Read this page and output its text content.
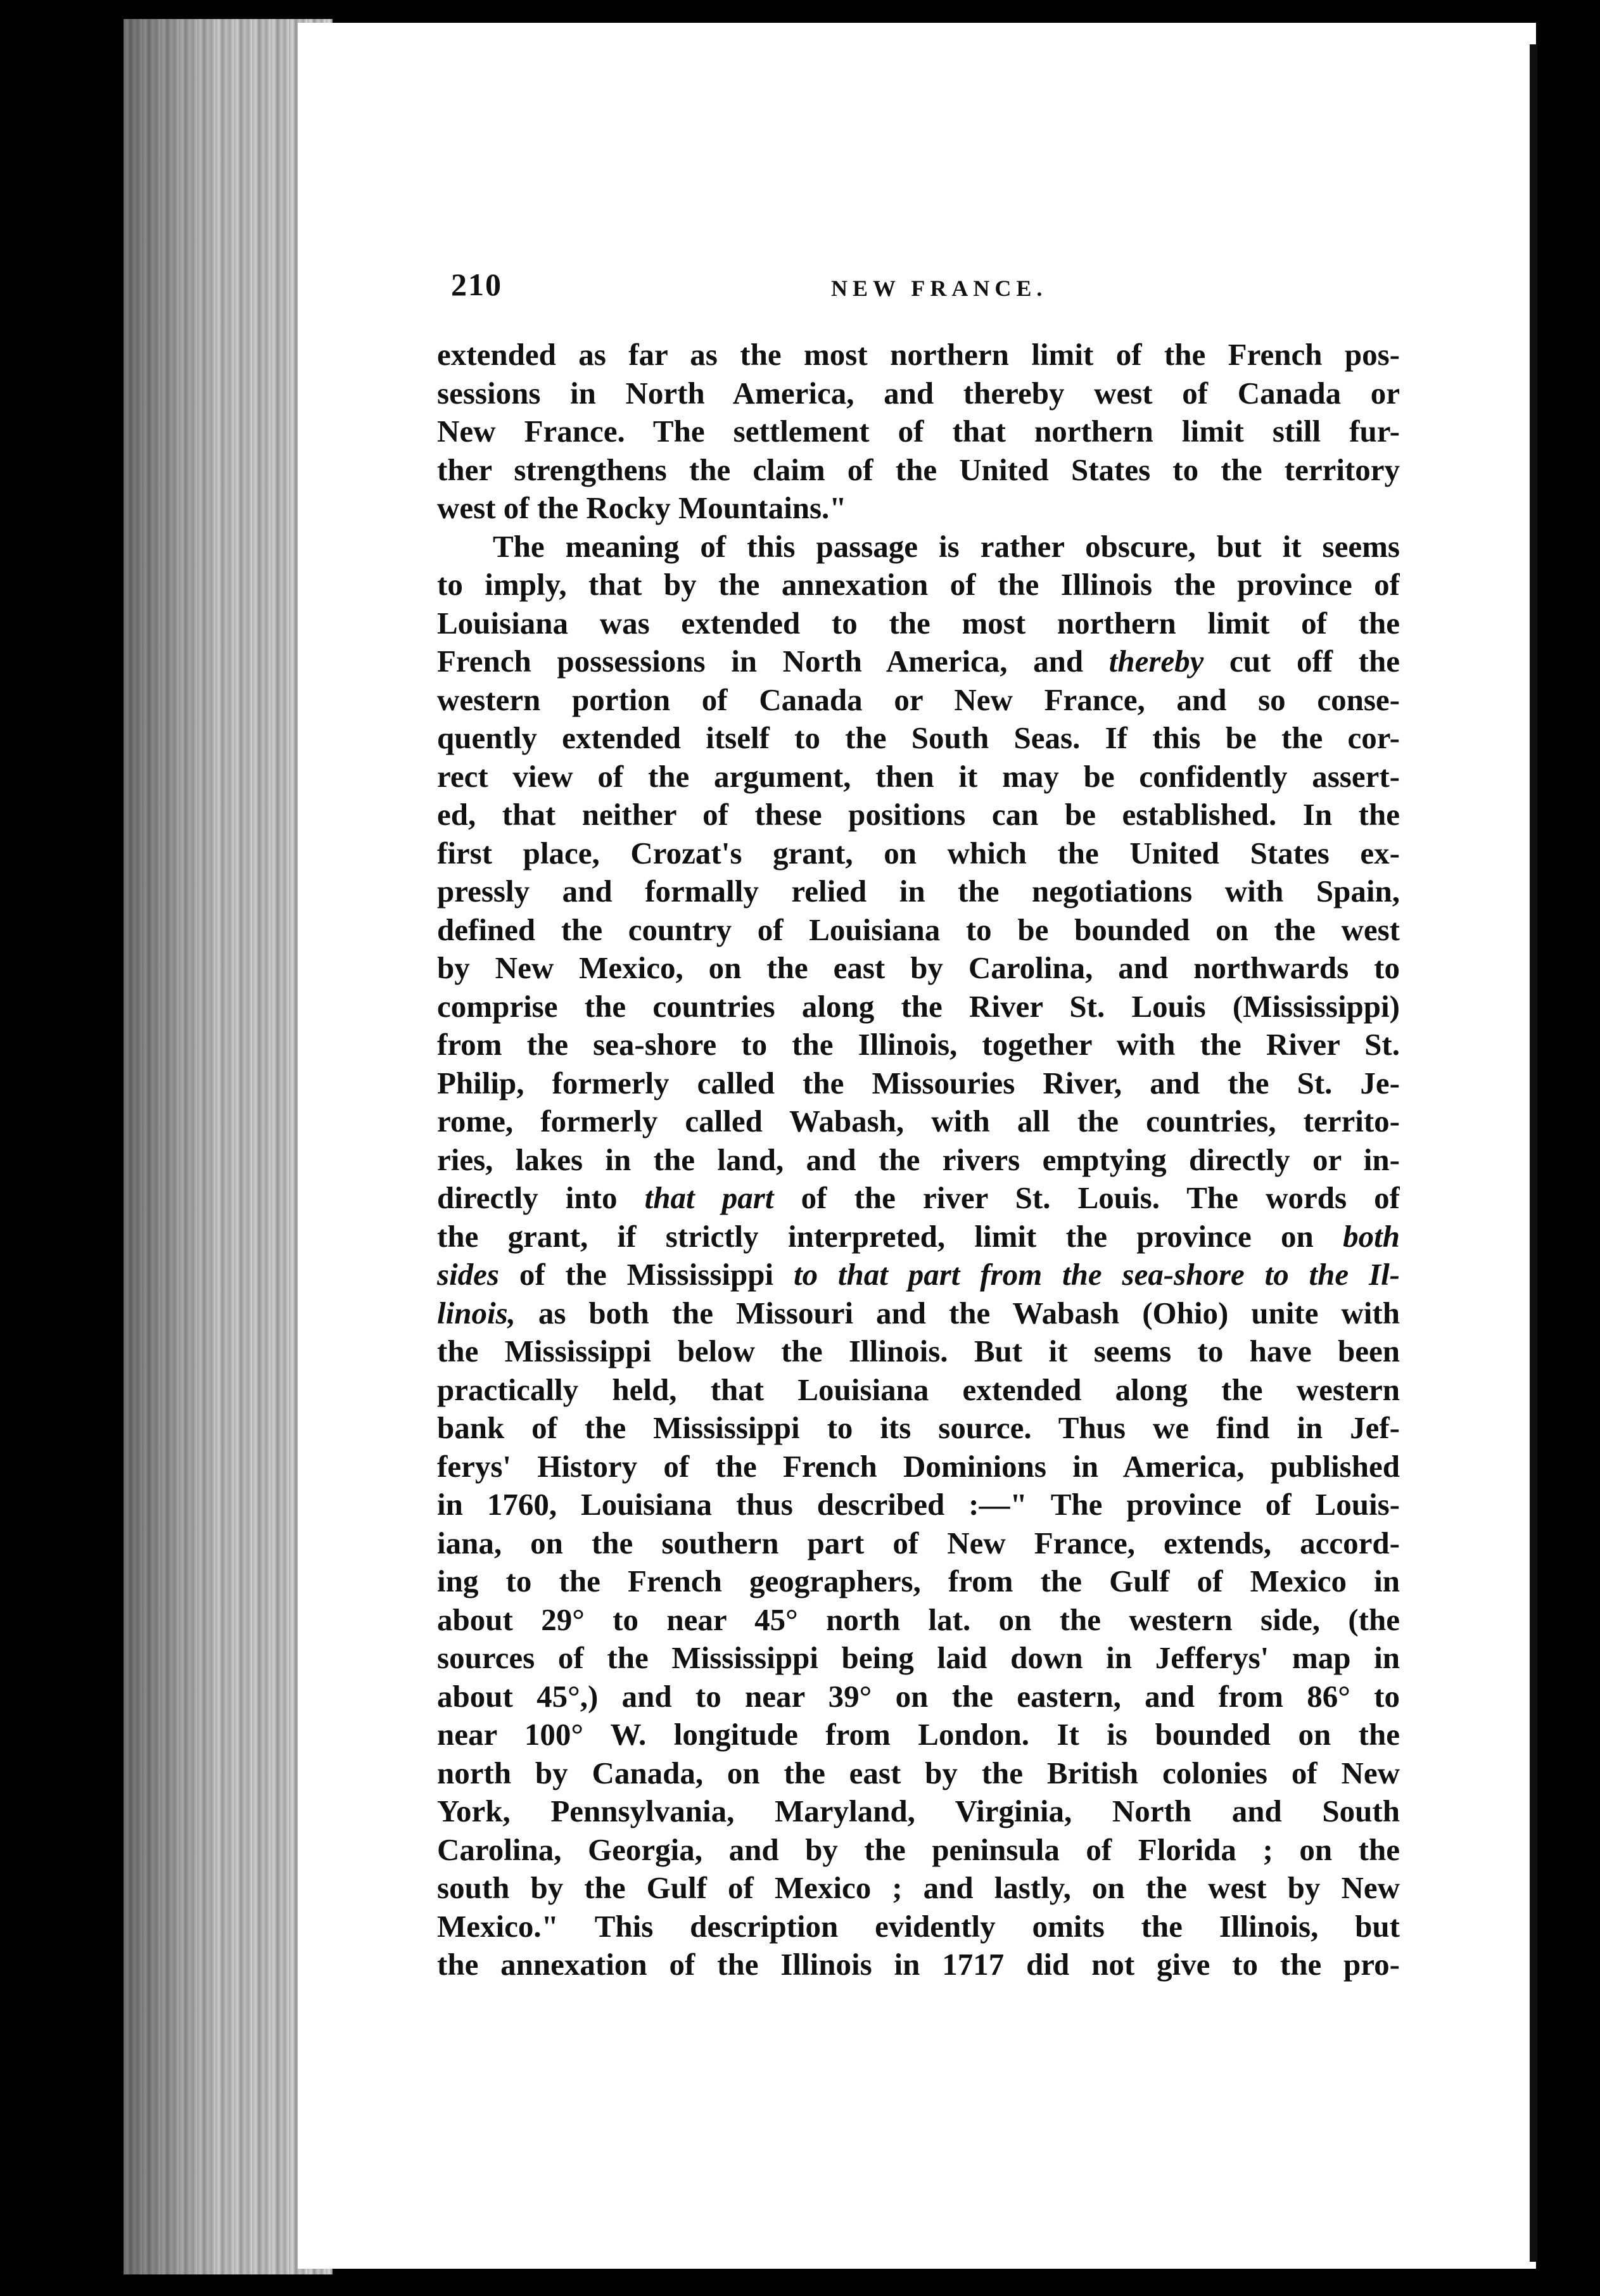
210	NEW FRANCE.
extended as far as the most northern limit of the French pos-
sessions in North America, and thereby west of Canada or
New France. The settlement of that northern limit still fur-
ther strengthens the claim of the United States to the territory
west of the Rocky Mountains."
The meaning of this passage is rather obscure, but it seems
to imply, that by the annexation of the Illinois the province of
Louisiana was extended to the most northern limit of the
French possessions in North America, and thereby cut off the
western portion of Canada or New France, and so conse-
quently extended itself to the South Seas. If this be the cor-
rect view of the argument, then it may be confidently assert-
ed, that neither of these positions can be established. In the
first place, Crozat's grant, on which the United States ex-
pressly and formally relied in the negotiations with Spain,
defined the country of Louisiana to be bounded on the west
by New Mexico, on the east by Carolina, and northwards to
comprise the countries along the River St. Louis (Mississippi)
from the sea-shore to the Illinois, together with the River St.
Philip, formerly called the Missouries River, and the St. Je-
rome, formerly called Wabash, with all the countries, territo-
ries, lakes in the land, and the rivers emptying directly or in-
directly into that part of the river St. Louis. The words of
the grant, if strictly interpreted, limit the province on both
sides of the Mississippi to that part from the sea-shore to the Il-
linois, as both the Missouri and the Wabash (Ohio) unite with
the Mississippi below the Illinois. But it seems to have been
practically held, that Louisiana extended along the western
bank of the Mississippi to its source. Thus we find in Jef-
ferys' History of the French Dominions in America, published
in 1760, Louisiana thus described :—" The province of Louis-
iana, on the southern part of New France, extends, accord-
ing to the French geographers, from the Gulf of Mexico in
about 29° to near 45° north lat. on the western side, (the
sources of the Mississippi being laid down in Jefferys' map in
about 45°,) and to near 39° on the eastern, and from 86° to
near 100° W. longitude from London. It is bounded on the
north by Canada, on the east by the British colonies of New
York, Pennsylvania, Maryland, Virginia, North and South
Carolina, Georgia, and by the peninsula of Florida ; on the
south by the Gulf of Mexico ; and lastly, on the west by New
Mexico." This description evidently omits the Illinois, but
the annexation of the Illinois in 1717 did not give to the pro-
